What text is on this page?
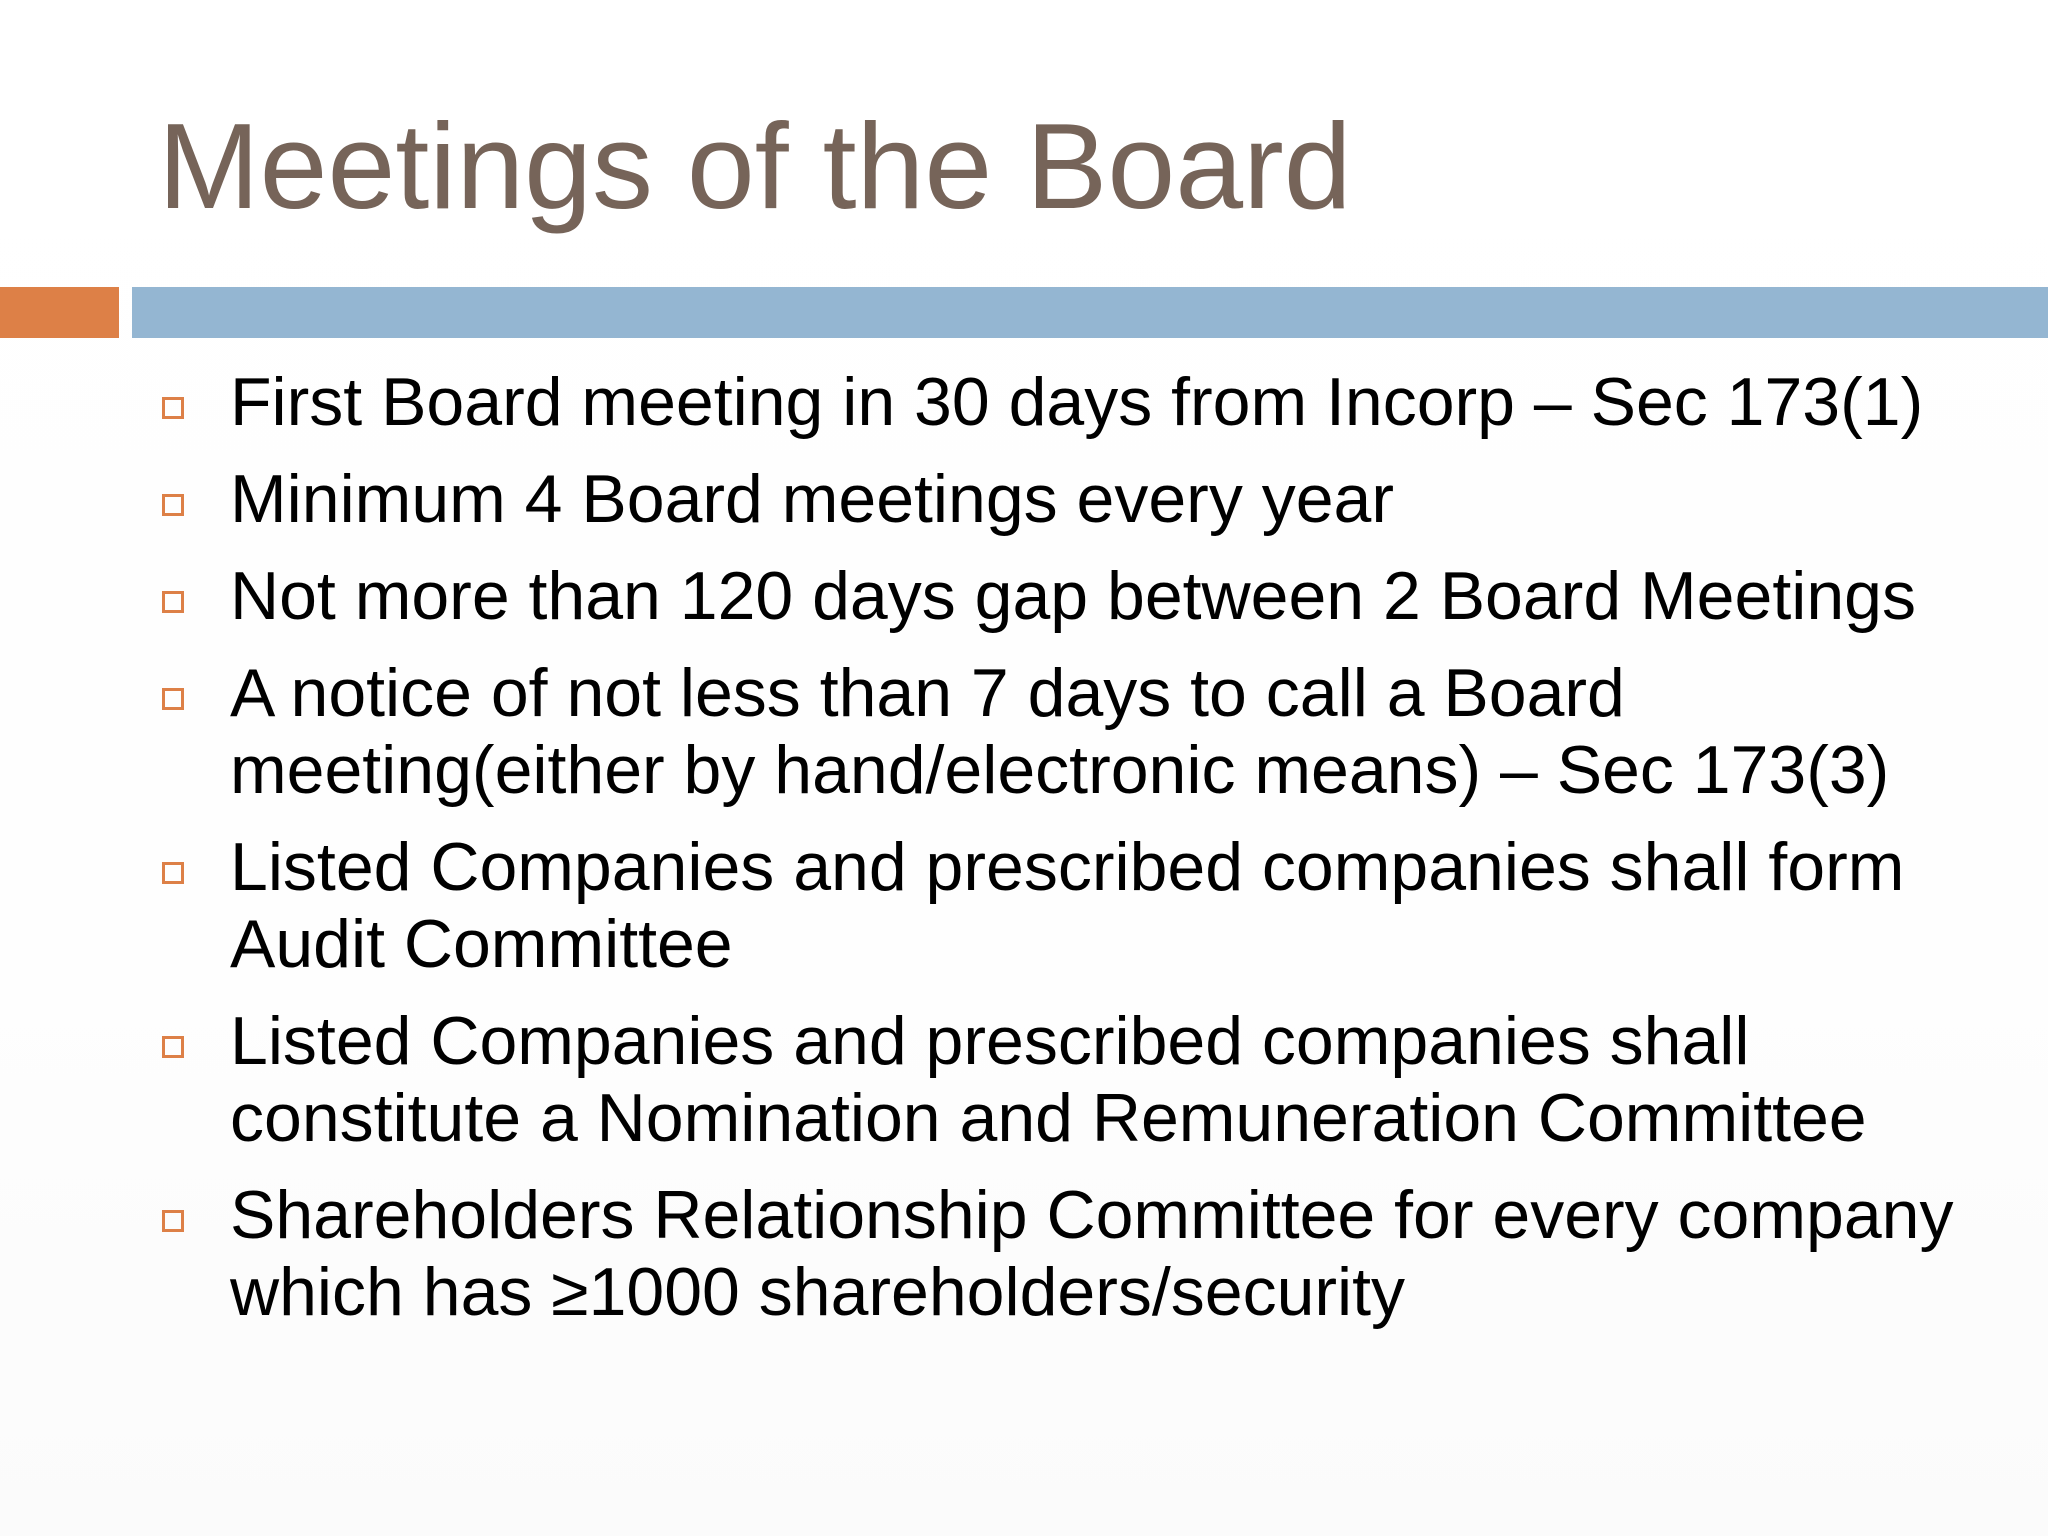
Meetings of the Board
First Board meeting in 30 days from Incorp – Sec 173(1)
Minimum 4 Board meetings every year
Not more than 120 days gap between 2 Board Meetings
A notice of not less than 7 days to call a Board meeting(either by hand/electronic means) – Sec 173(3)
Listed Companies and prescribed companies shall form Audit Committee
Listed Companies and prescribed companies shall constitute a Nomination and Remuneration Committee
Shareholders Relationship Committee for every company which has ≥1000 shareholders/security
